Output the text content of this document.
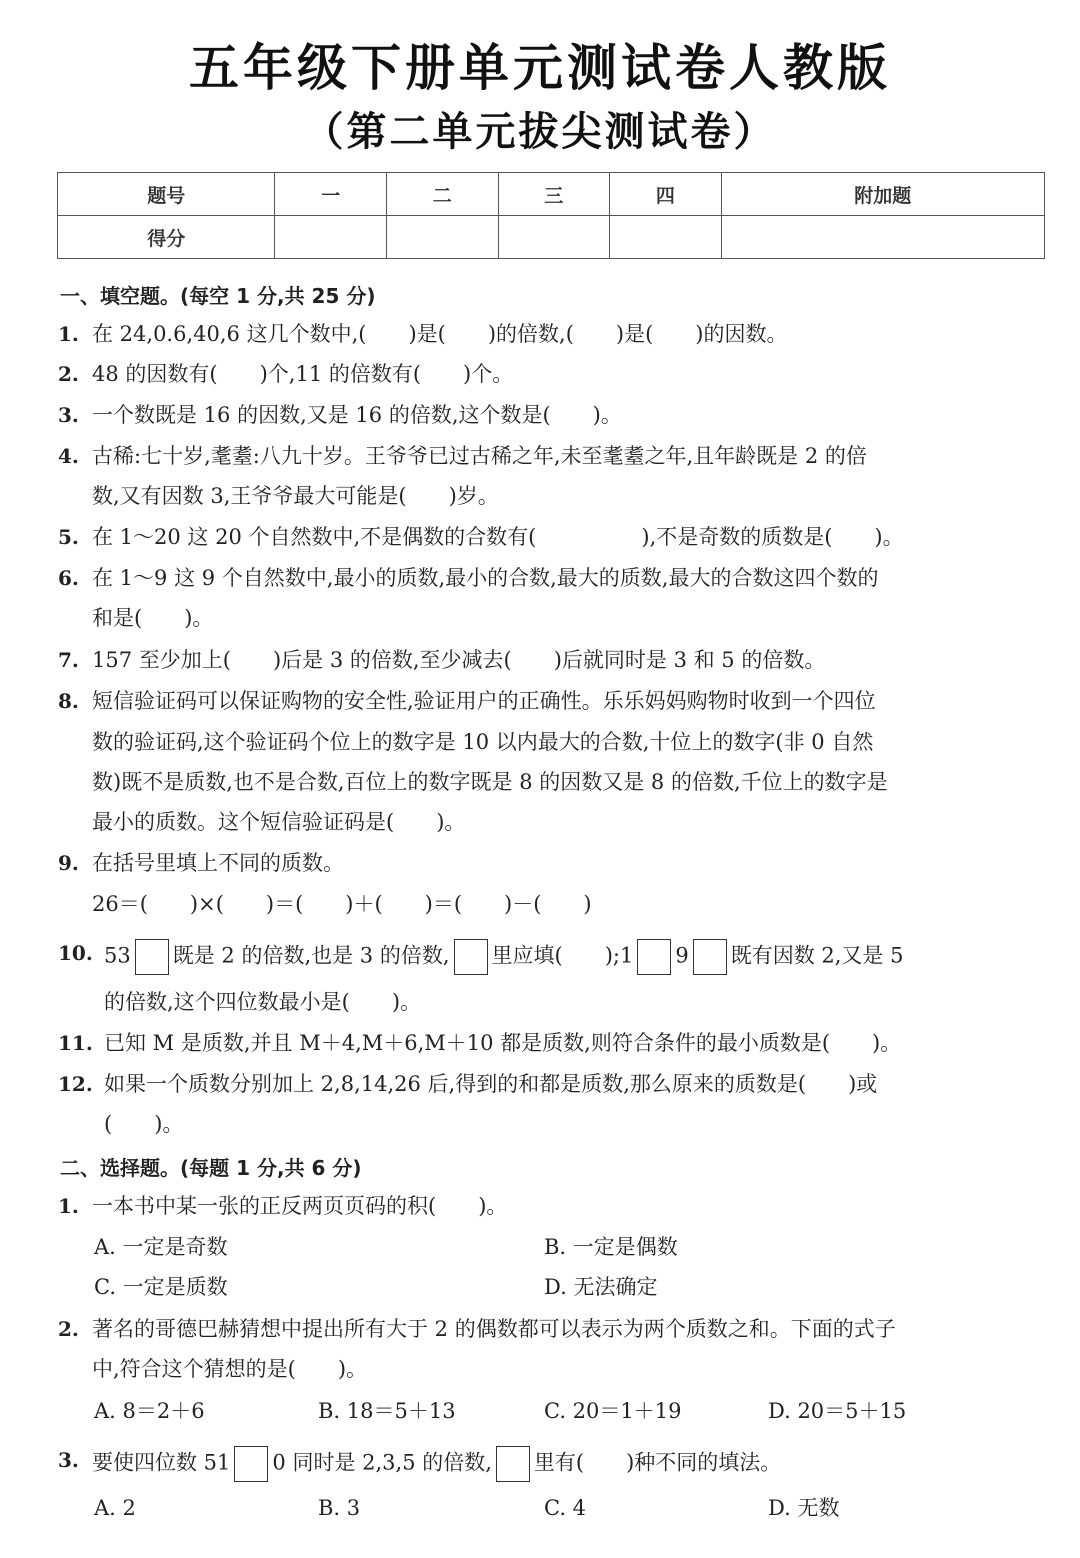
五年级下册单元测试卷人教版
（第二单元拔尖测试卷）
题号	一	二	三	四	附加题
得分					
一、填空题。(每空 1 分,共 25 分)
1. 在 24,0.6,40,6 这几个数中,(　　)是(　　)的倍数,(　　)是(　　)的因数。
2. 48 的因数有(　　)个,11 的倍数有(　　)个。
3. 一个数既是 16 的因数,又是 16 的倍数,这个数是(　　)。
4. 古稀:七十岁,耄耋:八九十岁。王爷爷已过古稀之年,未至耄耋之年,且年龄既是 2 的倍
数,又有因数 3,王爷爷最大可能是(　　)岁。
5. 在 1～20 这 20 个自然数中,不是偶数的合数有(　　　　　),不是奇数的质数是(　　)。
6. 在 1～9 这 9 个自然数中,最小的质数,最小的合数,最大的质数,最大的合数这四个数的
和是(　　)。
7. 157 至少加上(　　)后是 3 的倍数,至少减去(　　)后就同时是 3 和 5 的倍数。
8. 短信验证码可以保证购物的安全性,验证用户的正确性。乐乐妈妈购物时收到一个四位
数的验证码,这个验证码个位上的数字是 10 以内最大的合数,十位上的数字(非 0 自然
数)既不是质数,也不是合数,百位上的数字既是 8 的因数又是 8 的倍数,千位上的数字是
最小的质数。这个短信验证码是(　　)。
9. 在括号里填上不同的质数。
26＝(　　)×(　　)＝(　　)＋(　　)＝(　　)－(　　)
10. 53 既是 2 的倍数,也是 3 的倍数, 里应填(　　);1 9 既有因数 2,又是 5
的倍数,这个四位数最小是(　　)。
11. 已知 M 是质数,并且 M＋4,M＋6,M＋10 都是质数,则符合条件的最小质数是(　　)。
12. 如果一个质数分别加上 2,8,14,26 后,得到的和都是质数,那么原来的质数是(　　)或
(　　)。
二、选择题。(每题 1 分,共 6 分)
1. 一本书中某一张的正反两页页码的积(　　)。
A. 一定是奇数	B. 一定是偶数
C. 一定是质数	D. 无法确定
2. 著名的哥德巴赫猜想中提出所有大于 2 的偶数都可以表示为两个质数之和。下面的式子
中,符合这个猜想的是(　　)。
A. 8＝2＋6	B. 18＝5＋13	C. 20＝1＋19	D. 20＝5＋15
3. 要使四位数 51 0 同时是 2,3,5 的倍数, 里有(　　)种不同的填法。
A. 2	B. 3	C. 4	D. 无数
